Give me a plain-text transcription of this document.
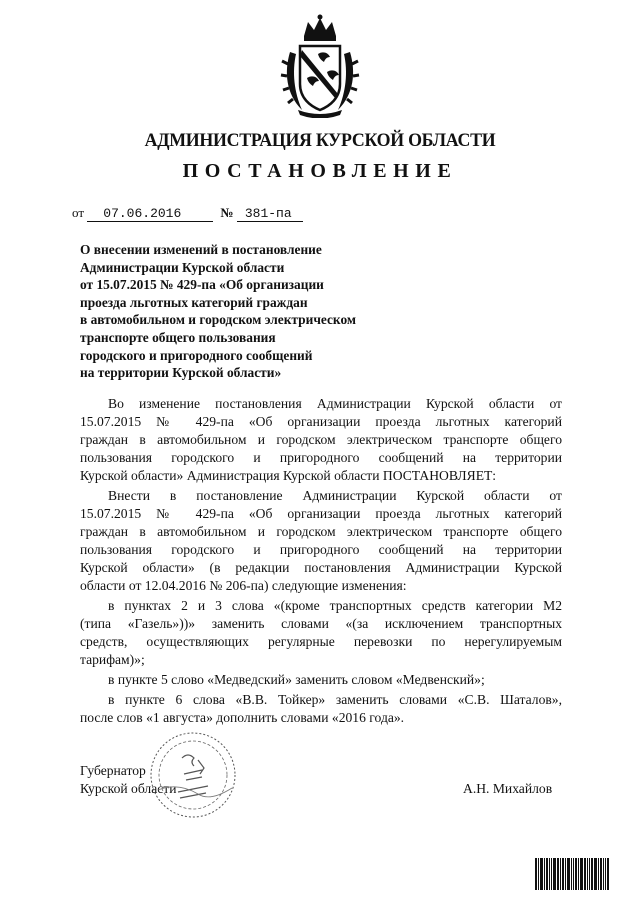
АДМИНИСТРАЦИЯ КУРСКОЙ ОБЛАСТИ
ПОСТАНОВЛЕНИЕ
от 07.06.2016	№ 381-па
О внесении изменений в постановление
Администрации Курской области
от 15.07.2015 № 429-па «Об организации
проезда льготных категорий граждан
в автомобильном и городском электрическом
транспорте общего пользования
городского и пригородного сообщений
на территории Курской области»
Во изменение постановления Администрации Курской области от
15.07.2015 № 429-па «Об организации проезда льготных категорий
граждан в автомобильном и городском электрическом транспорте общего
пользования городского и пригородного сообщений на территории
Курской области» Администрация Курской области ПОСТАНОВЛЯЕТ:
Внести в постановление Администрации Курской области от
15.07.2015 № 429-па «Об организации проезда льготных категорий
граждан в автомобильном и городском электрическом транспорте общего
пользования городского и пригородного сообщений на территории
Курской области» (в редакции постановления Администрации Курской
области от 12.04.2016 № 206-па) следующие изменения:
в пунктах 2 и 3 слова «(кроме транспортных средств категории М2
(типа «Газель»))» заменить словами «(за исключением транспортных
средств, осуществляющих регулярные перевозки по нерегулируемым
тарифам)»;
в пункте 5 слово «Медведский» заменить словом «Медвенский»;
в пункте 6 слова «В.В. Тойкер» заменить словами «С.В. Шаталов»,
после слов «1 августа» дополнить словами «2016 года».
Губернатор
Курской области	А.Н. Михайлов
